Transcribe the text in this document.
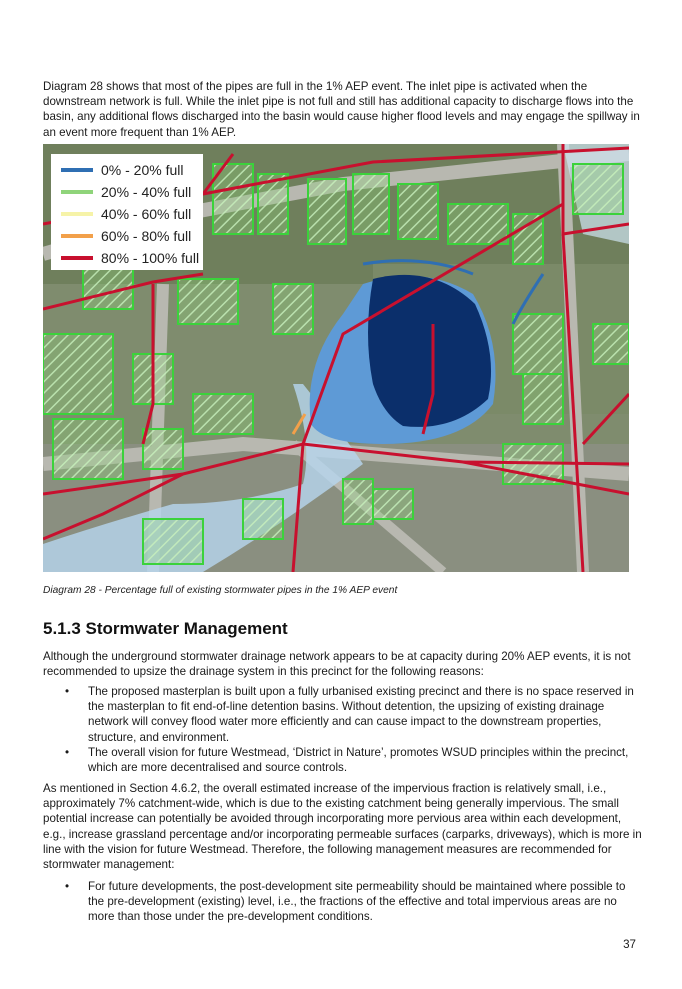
Diagram 28 shows that most of the pipes are full in the 1% AEP event. The inlet pipe is activated when the downstream network is full. While the inlet pipe is not full and still has additional capacity to discharge flows into the basin, any additional flows discharged into the basin would cause higher flood levels and may engage the spillway in an event more frequent than 1% AEP.

0% - 20% full
20% - 40% full
40% - 60% full
60% - 80% full
80% - 100% full
Diagram 28 - Percentage full of existing stormwater pipes in the 1% AEP event
5.1.3 Stormwater Management

Although the underground stormwater drainage network appears to be at capacity during 20% AEP events, it is not recommended to upsize the drainage system in this precinct for the following reasons:

• The proposed masterplan is built upon a fully urbanised existing precinct and there is no space reserved in the masterplan to fit end-of-line detention basins. Without detention, the upsizing of existing drainage network will convey flood water more efficiently and can cause impact to the downstream properties, structure, and environment.
• The overall vision for future Westmead, ‘District in Nature’, promotes WSUD principles within the precinct, which are more decentralised and source controls.

As mentioned in Section 4.6.2, the overall estimated increase of the impervious fraction is relatively small, i.e., approximately 7% catchment-wide, which is due to the existing catchment being generally impervious. The small potential increase can potentially be avoided through incorporating more pervious area within each development, e.g., increase grassland percentage and/or incorporating permeable surfaces (carparks, driveways), which is more in line with the vision for future Westmead. Therefore, the following management measures are recommended for stormwater management:

• For future developments, the post-development site permeability should be maintained where possible to the pre-development (existing) level, i.e., the fractions of the effective and total impervious areas are no more than those under the pre-development conditions.
37
